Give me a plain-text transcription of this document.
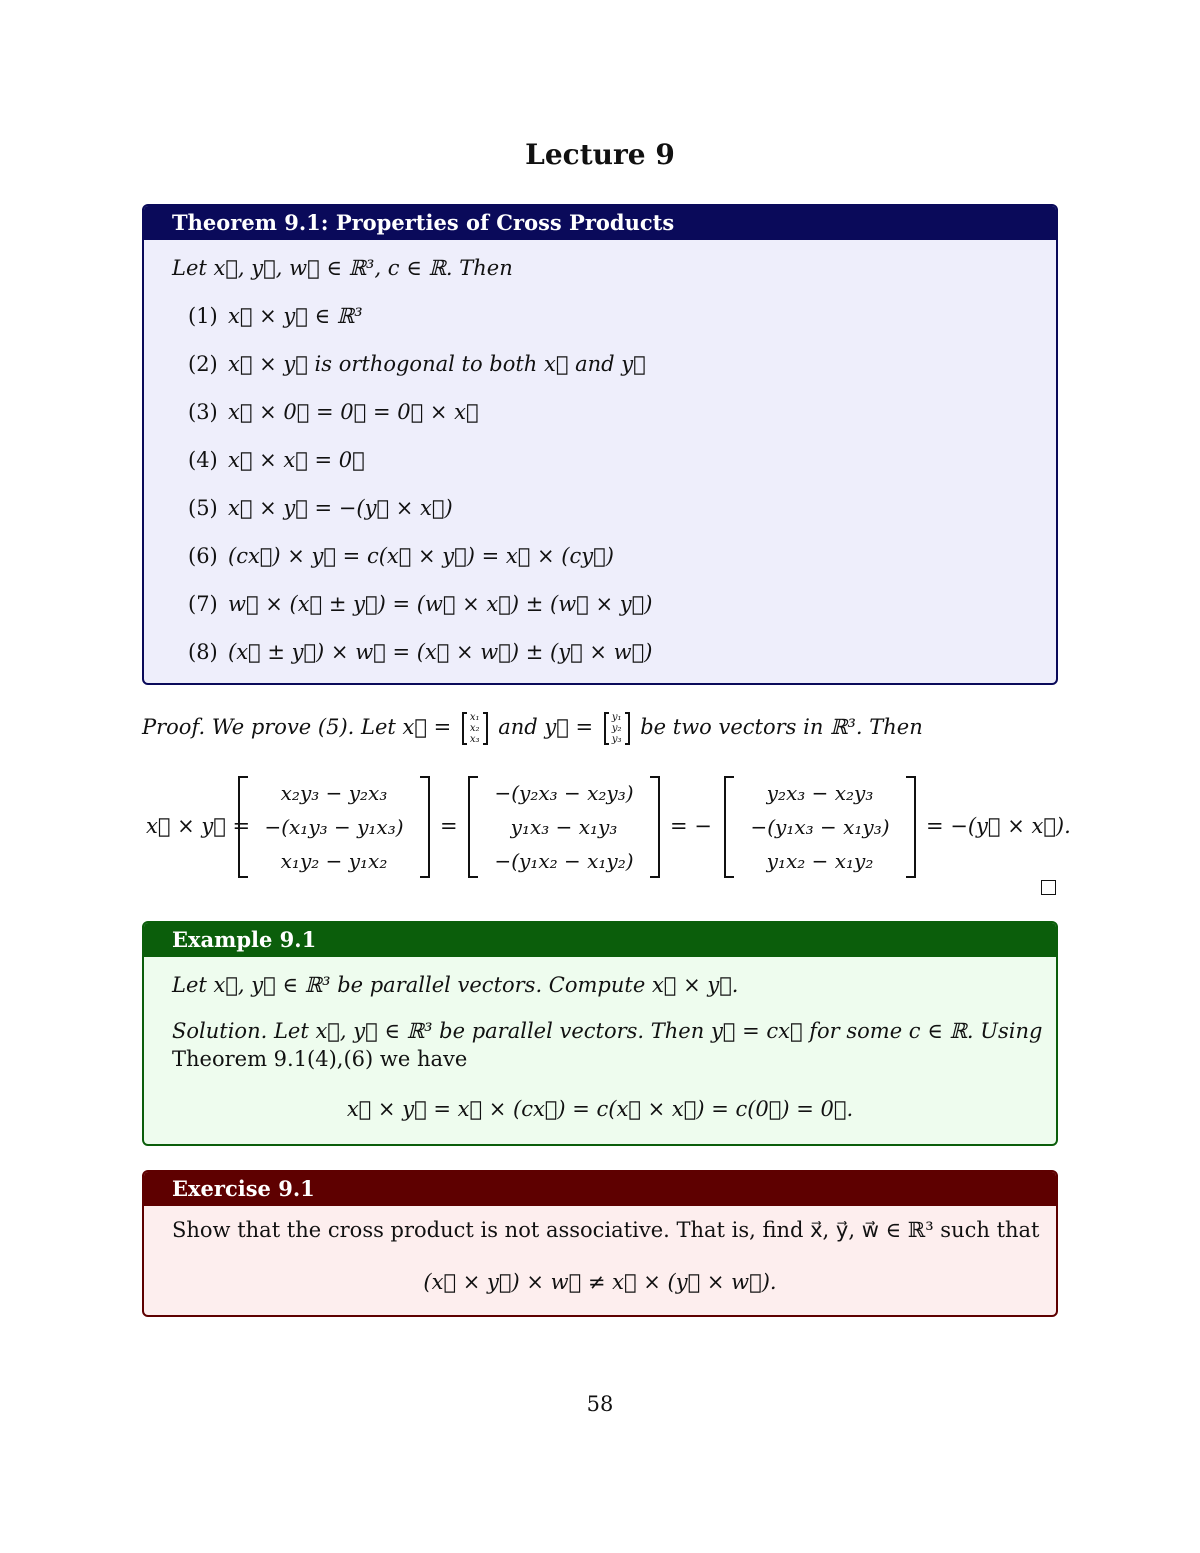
Lecture 9
Theorem 9.1: Properties of Cross Products
Let x⃗, y⃗, w⃗ ∈ ℝ³, c ∈ ℝ. Then
(1) x⃗ × y⃗ ∈ ℝ³
(2) x⃗ × y⃗ is orthogonal to both x⃗ and y⃗
(3) x⃗ × 0⃗ = 0⃗ = 0⃗ × x⃗
(4) x⃗ × x⃗ = 0⃗
(5) x⃗ × y⃗ = −(y⃗ × x⃗)
(6) (cx⃗) × y⃗ = c(x⃗ × y⃗) = x⃗ × (cy⃗)
(7) w⃗ × (x⃗ ± y⃗) = (w⃗ × x⃗) ± (w⃗ × y⃗)
(8) (x⃗ ± y⃗) × w⃗ = (x⃗ × w⃗) ± (y⃗ × w⃗)
Proof. We prove (5). Let x⃗ = x₁
x₂
x₃
and y⃗ = y₁
y₂
y₃
be two vectors in ℝ³. Then
x⃗ × y⃗ =
x₂y₃ − y₂x₃
−(x₁y₃ − y₁x₃)
x₁y₂ − y₁x₂
=
−(y₂x₃ − x₂y₃)
y₁x₃ − x₁y₃
−(y₁x₂ − x₁y₂)
= −
y₂x₃ − x₂y₃
−(y₁x₃ − x₁y₃)
y₁x₂ − x₁y₂
= −(y⃗ × x⃗).
Example 9.1
Let x⃗, y⃗ ∈ ℝ³ be parallel vectors. Compute x⃗ × y⃗.
Solution. Let x⃗, y⃗ ∈ ℝ³ be parallel vectors. Then y⃗ = cx⃗ for some c ∈ ℝ. Using
Theorem 9.1(4),(6) we have
x⃗ × y⃗ = x⃗ × (cx⃗) = c(x⃗ × x⃗) = c(0⃗) = 0⃗.
Exercise 9.1
Show that the cross product is not associative. That is, find x⃗, y⃗, w⃗ ∈ ℝ³ such that
(x⃗ × y⃗) × w⃗ ≠ x⃗ × (y⃗ × w⃗).
58
